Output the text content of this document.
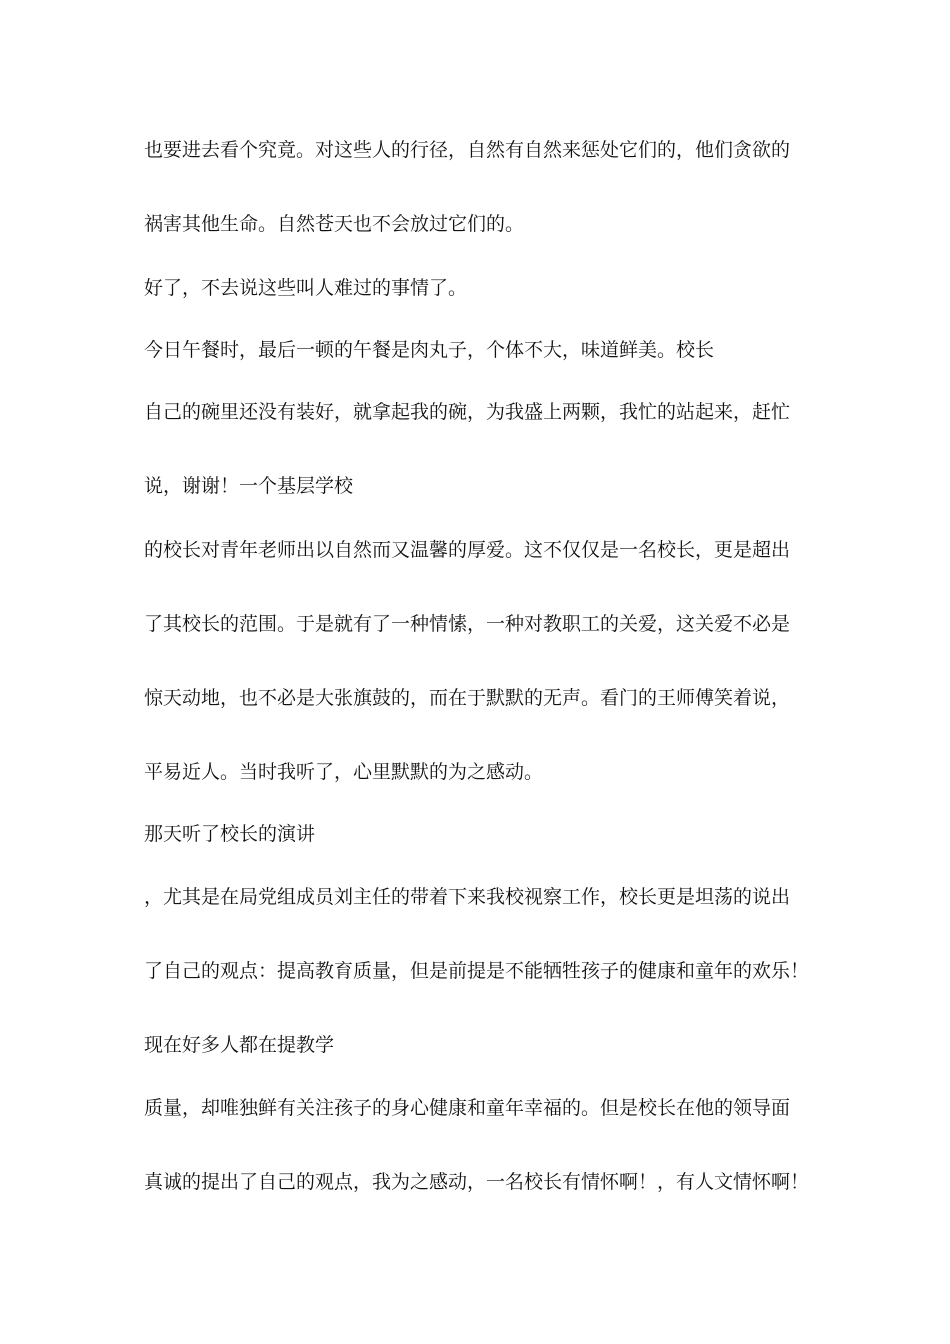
也要进去看个究竟。对这些人的行径，自然有自然来惩处它们的，他们贪欲的

祸害其他生命。自然苍天也不会放过它们的。

好了，不去说这些叫人难过的事情了。

今日午餐时，最后一顿的午餐是肉丸子，个体不大，味道鲜美。校长

自己的碗里还没有装好，就拿起我的碗，为我盛上两颗，我忙的站起来，赶忙

说，谢谢！一个基层学校

的校长对青年老师出以自然而又温馨的厚爱。这不仅仅是一名校长，更是超出

了其校长的范围。于是就有了一种情愫，一种对教职工的关爱，这关爱不必是

惊天动地，也不必是大张旗鼓的，而在于默默的无声。看门的王师傅笑着说，

平易近人。当时我听了，心里默默的为之感动。

那天听了校长的演讲

，尤其是在局党组成员刘主任的带着下来我校视察工作，校长更是坦荡的说出

了自己的观点：提高教育质量，但是前提是不能牺牲孩子的健康和童年的欢乐！

现在好多人都在提教学

质量，却唯独鲜有关注孩子的身心健康和童年幸福的。但是校长在他的领导面

真诚的提出了自己的观点，我为之感动，一名校长有情怀啊！，有人文情怀啊！
